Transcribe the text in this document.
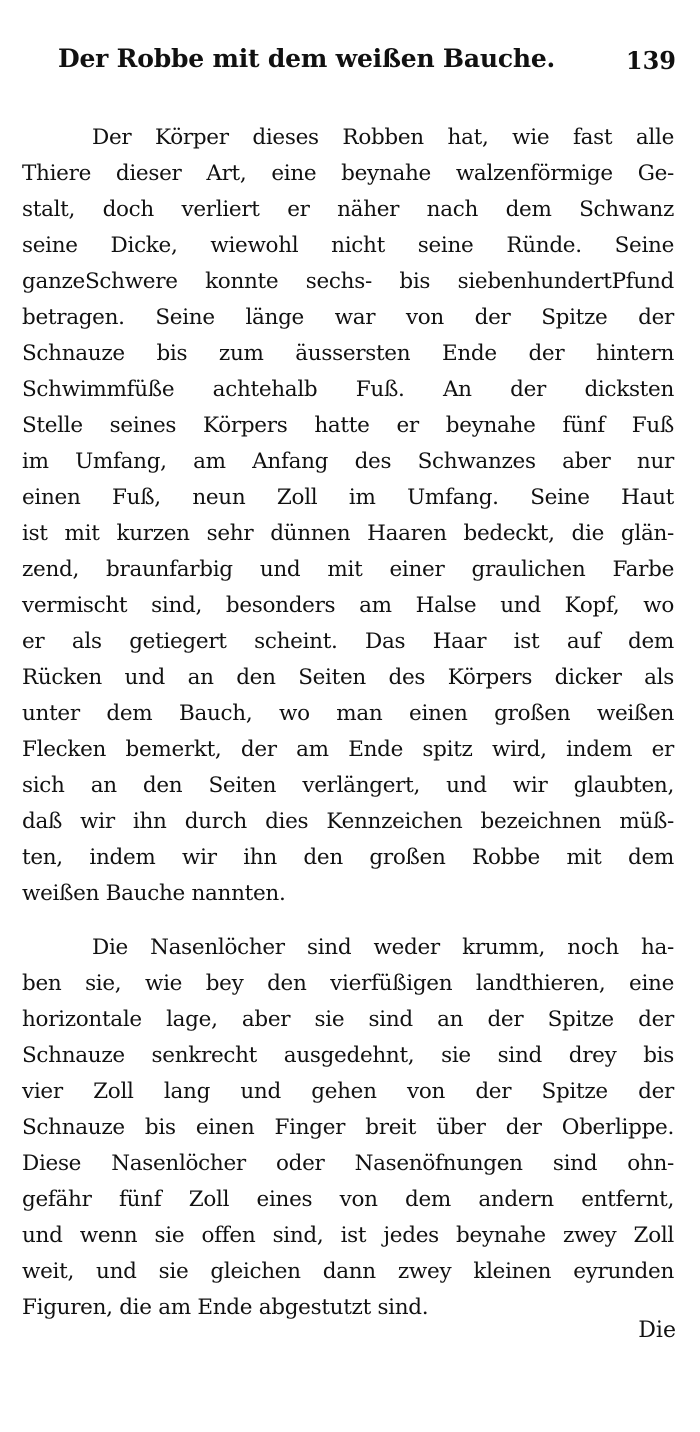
Der Robbe mit dem weißen Bauche.	139
Der Körper dieses Robben hat, wie fast alle
Thiere dieser Art, eine beynahe walzenförmige Ge-
stalt, doch verliert er näher nach dem Schwanz
seine Dicke, wiewohl nicht seine Ründe. Seine
ganzeSchwere konnte sechs- bis siebenhundertPfund
betragen. Seine länge war von der Spitze der
Schnauze bis zum äussersten Ende der hintern
Schwimmfüße achtehalb Fuß. An der dicksten
Stelle seines Körpers hatte er beynahe fünf Fuß
im Umfang, am Anfang des Schwanzes aber nur
einen Fuß, neun Zoll im Umfang. Seine Haut
ist mit kurzen sehr dünnen Haaren bedeckt, die glän-
zend, braunfarbig und mit einer graulichen Farbe
vermischt sind, besonders am Halse und Kopf, wo
er als getiegert scheint. Das Haar ist auf dem
Rücken und an den Seiten des Körpers dicker als
unter dem Bauch, wo man einen großen weißen
Flecken bemerkt, der am Ende spitz wird, indem er
sich an den Seiten verlängert, und wir glaubten,
daß wir ihn durch dies Kennzeichen bezeichnen müß-
ten, indem wir ihn den großen Robbe mit dem
weißen Bauche nannten.
Die Nasenlöcher sind weder krumm, noch ha-
ben sie, wie bey den vierfüßigen landthieren, eine
horizontale lage, aber sie sind an der Spitze der
Schnauze senkrecht ausgedehnt, sie sind drey bis
vier Zoll lang und gehen von der Spitze der
Schnauze bis einen Finger breit über der Oberlippe.
Diese Nasenlöcher oder Nasenöfnungen sind ohn-
gefähr fünf Zoll eines von dem andern entfernt,
und wenn sie offen sind, ist jedes beynahe zwey Zoll
weit, und sie gleichen dann zwey kleinen eyrunden
Figuren, die am Ende abgestutzt sind.
Die
